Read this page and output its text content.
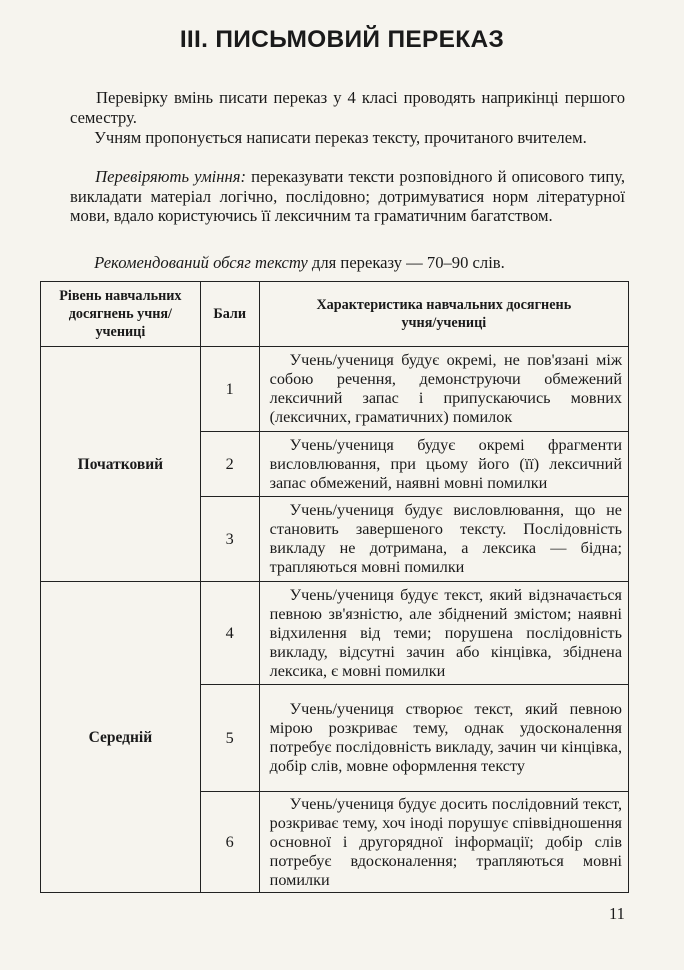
III. ПИСЬМОВИЙ ПЕРЕКАЗ
Перевірку вмінь писати переказ у 4 класі проводять наприкінці першого семестру.
Учням пропонується написати переказ тексту, прочитаного вчителем.
Перевіряють уміння: переказувати тексти розповідного й описового типу, викладати матеріал логічно, послідовно; дотримуватися норм літературної мови, вдало користуючись її лексичним та граматичним багатством.
Рекомендований обсяг тексту для переказу — 70–90 слів.
Рівень навчальних досягнень учня/учениці	Бали	Характеристика навчальних досягнень учня/учениці
Початковий	1	Учень/учениця будує окремі, не пов'язані між собою речення, демонструючи обмежений лексичний запас і припускаючись мовних (лексичних, граматичних) помилок
	2	Учень/учениця будує окремі фрагменти висловлювання, при цьому його (її) лексичний запас обмежений, наявні мовні помилки
	3	Учень/учениця будує висловлювання, що не становить завершеного тексту. Послідовність викладу не дотримана, а лексика — бідна; трапляються мовні помилки
Середній	4	Учень/учениця будує текст, який відзначається певною зв'язністю, але збіднений змістом; наявні відхилення від теми; порушена послідовність викладу, відсутні зачин або кінцівка, збіднена лексика, є мовні помилки
	5	Учень/учениця створює текст, який певною мірою розкриває тему, однак удосконалення потребує послідовність викладу, зачин чи кінцівка, добір слів, мовне оформлення тексту
	6	Учень/учениця будує досить послідовний текст, розкриває тему, хоч іноді порушує співвідношення основної і другорядної інформації; добір слів потребує вдосконалення; трапляються мовні помилки
11
